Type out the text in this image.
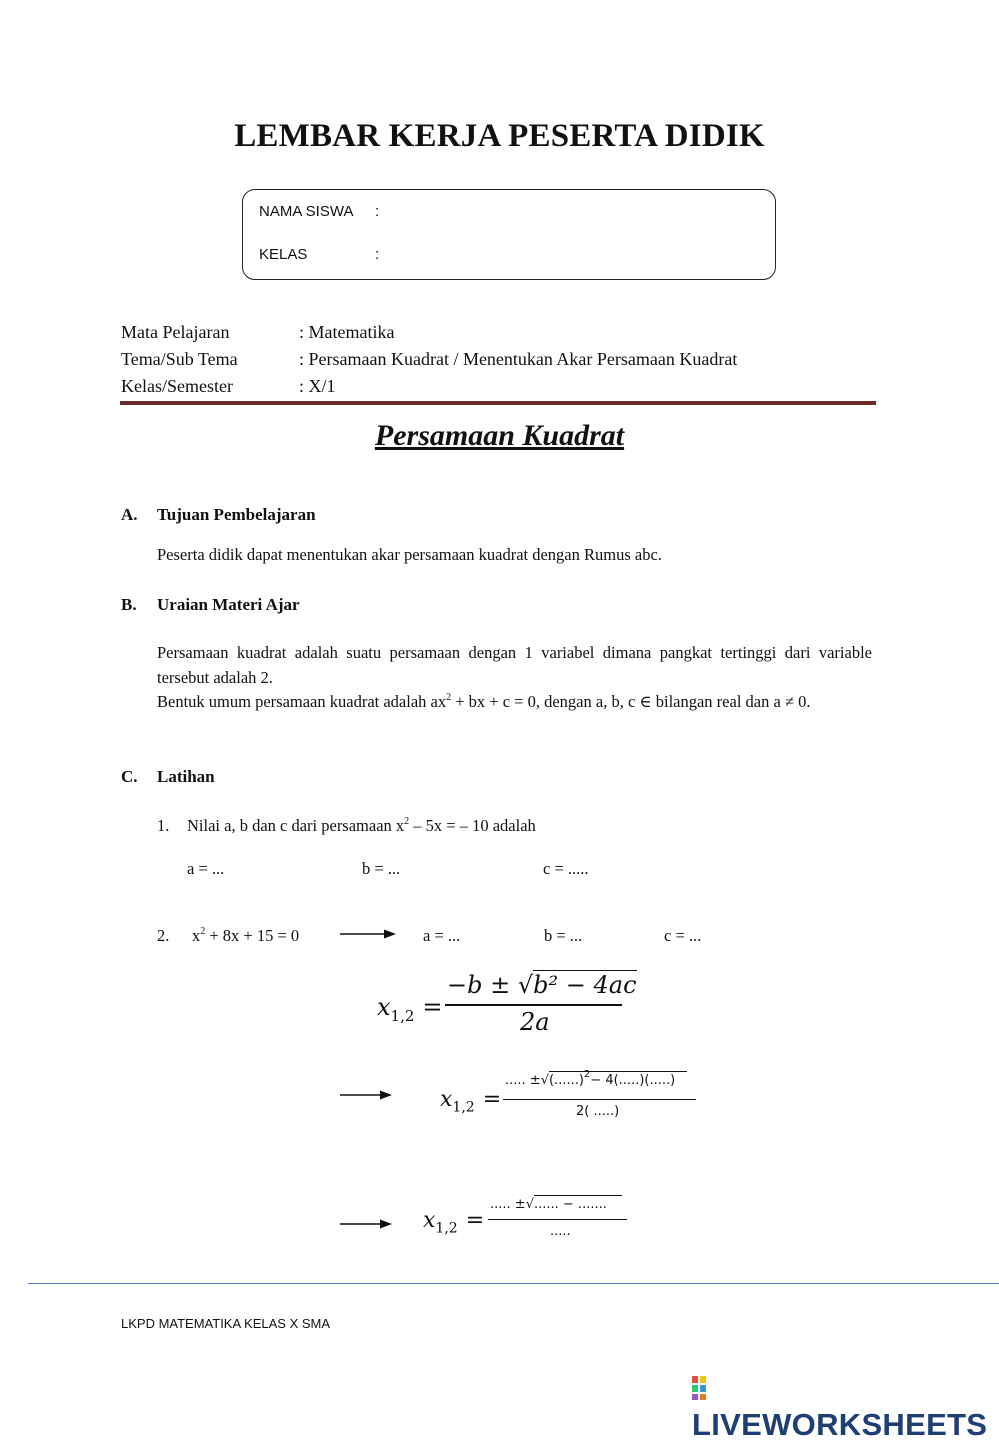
LEMBAR KERJA PESERTA DIDIK
NAMA SISWA :
KELAS	:
Mata Pelajaran	: Matematika
Tema/Sub Tema	: Persamaan Kuadrat / Menentukan Akar Persamaan Kuadrat
Kelas/Semester	: X/1
Persamaan Kuadrat
A. Tujuan Pembelajaran
Peserta didik dapat menentukan akar persamaan kuadrat dengan Rumus abc.
B. Uraian Materi Ajar

Persamaan kuadrat adalah suatu persamaan dengan 1 variabel dimana pangkat tertinggi dari variable tersebut adalah 2.

Bentuk umum persamaan kuadrat adalah $ax^2$ + bx + c = 0, dengan a, b, c ∈ bilangan real dan a ≠ 0.

C. Latihan
1. Nilai a, b dan c dari persamaan $x^2 - 5x$ = – 10 adalah
a = ...	b = ...	c = .....
2. $x^2 + 8x + 15 = 0$	a = ...	b = ...	c = ...
$x_{1,2}$ =
−b ± √b² − 4ac
2a
$x_{1,2}$ =
..... ±√(......)$^2$− 4(.....)(.....)
2( .....)
$x_{1,2}$ =
..... ±√...... − .......
.....
LKPD MATEMATIKA KELAS X SMA
LIVEWORKSHEETS
